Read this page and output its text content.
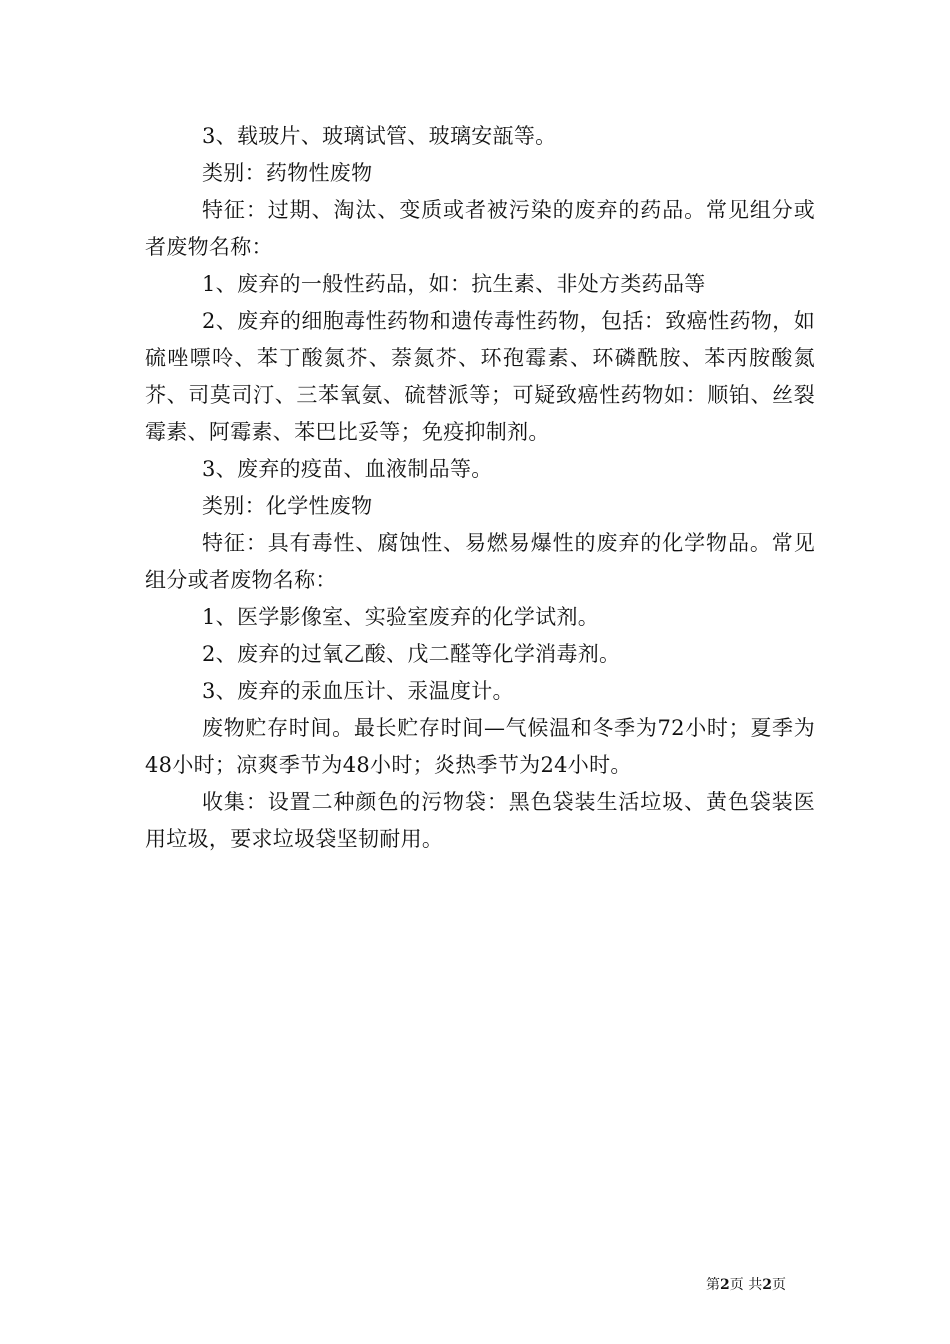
3、载玻片、玻璃试管、玻璃安瓿等。

类别：药物性废物

特征：过期、淘汰、变质或者被污染的废弃的药品。常见组分或者废物名称：

1、废弃的一般性药品，如：抗生素、非处方类药品等

2、废弃的细胞毒性药物和遗传毒性药物，包括：致癌性药物，如硫唑嘌呤、苯丁酸氮芥、萘氮芥、环孢霉素、环磷酰胺、苯丙胺酸氮芥、司莫司汀、三苯氧氨、硫替派等；可疑致癌性药物如：顺铂、丝裂霉素、阿霉素、苯巴比妥等；免疫抑制剂。

3、废弃的疫苗、血液制品等。

类别：化学性废物

特征：具有毒性、腐蚀性、易燃易爆性的废弃的化学物品。常见组分或者废物名称：

1、医学影像室、实验室废弃的化学试剂。

2、废弃的过氧乙酸、戊二醛等化学消毒剂。

3、废弃的汞血压计、汞温度计。

废物贮存时间。最长贮存时间—气候温和冬季为72小时；夏季为48小时；凉爽季节为48小时；炎热季节为24小时。

收集：设置二种颜色的污物袋：黑色袋装生活垃圾、黄色袋装医用垃圾，要求垃圾袋坚韧耐用。

第2页 共2页
